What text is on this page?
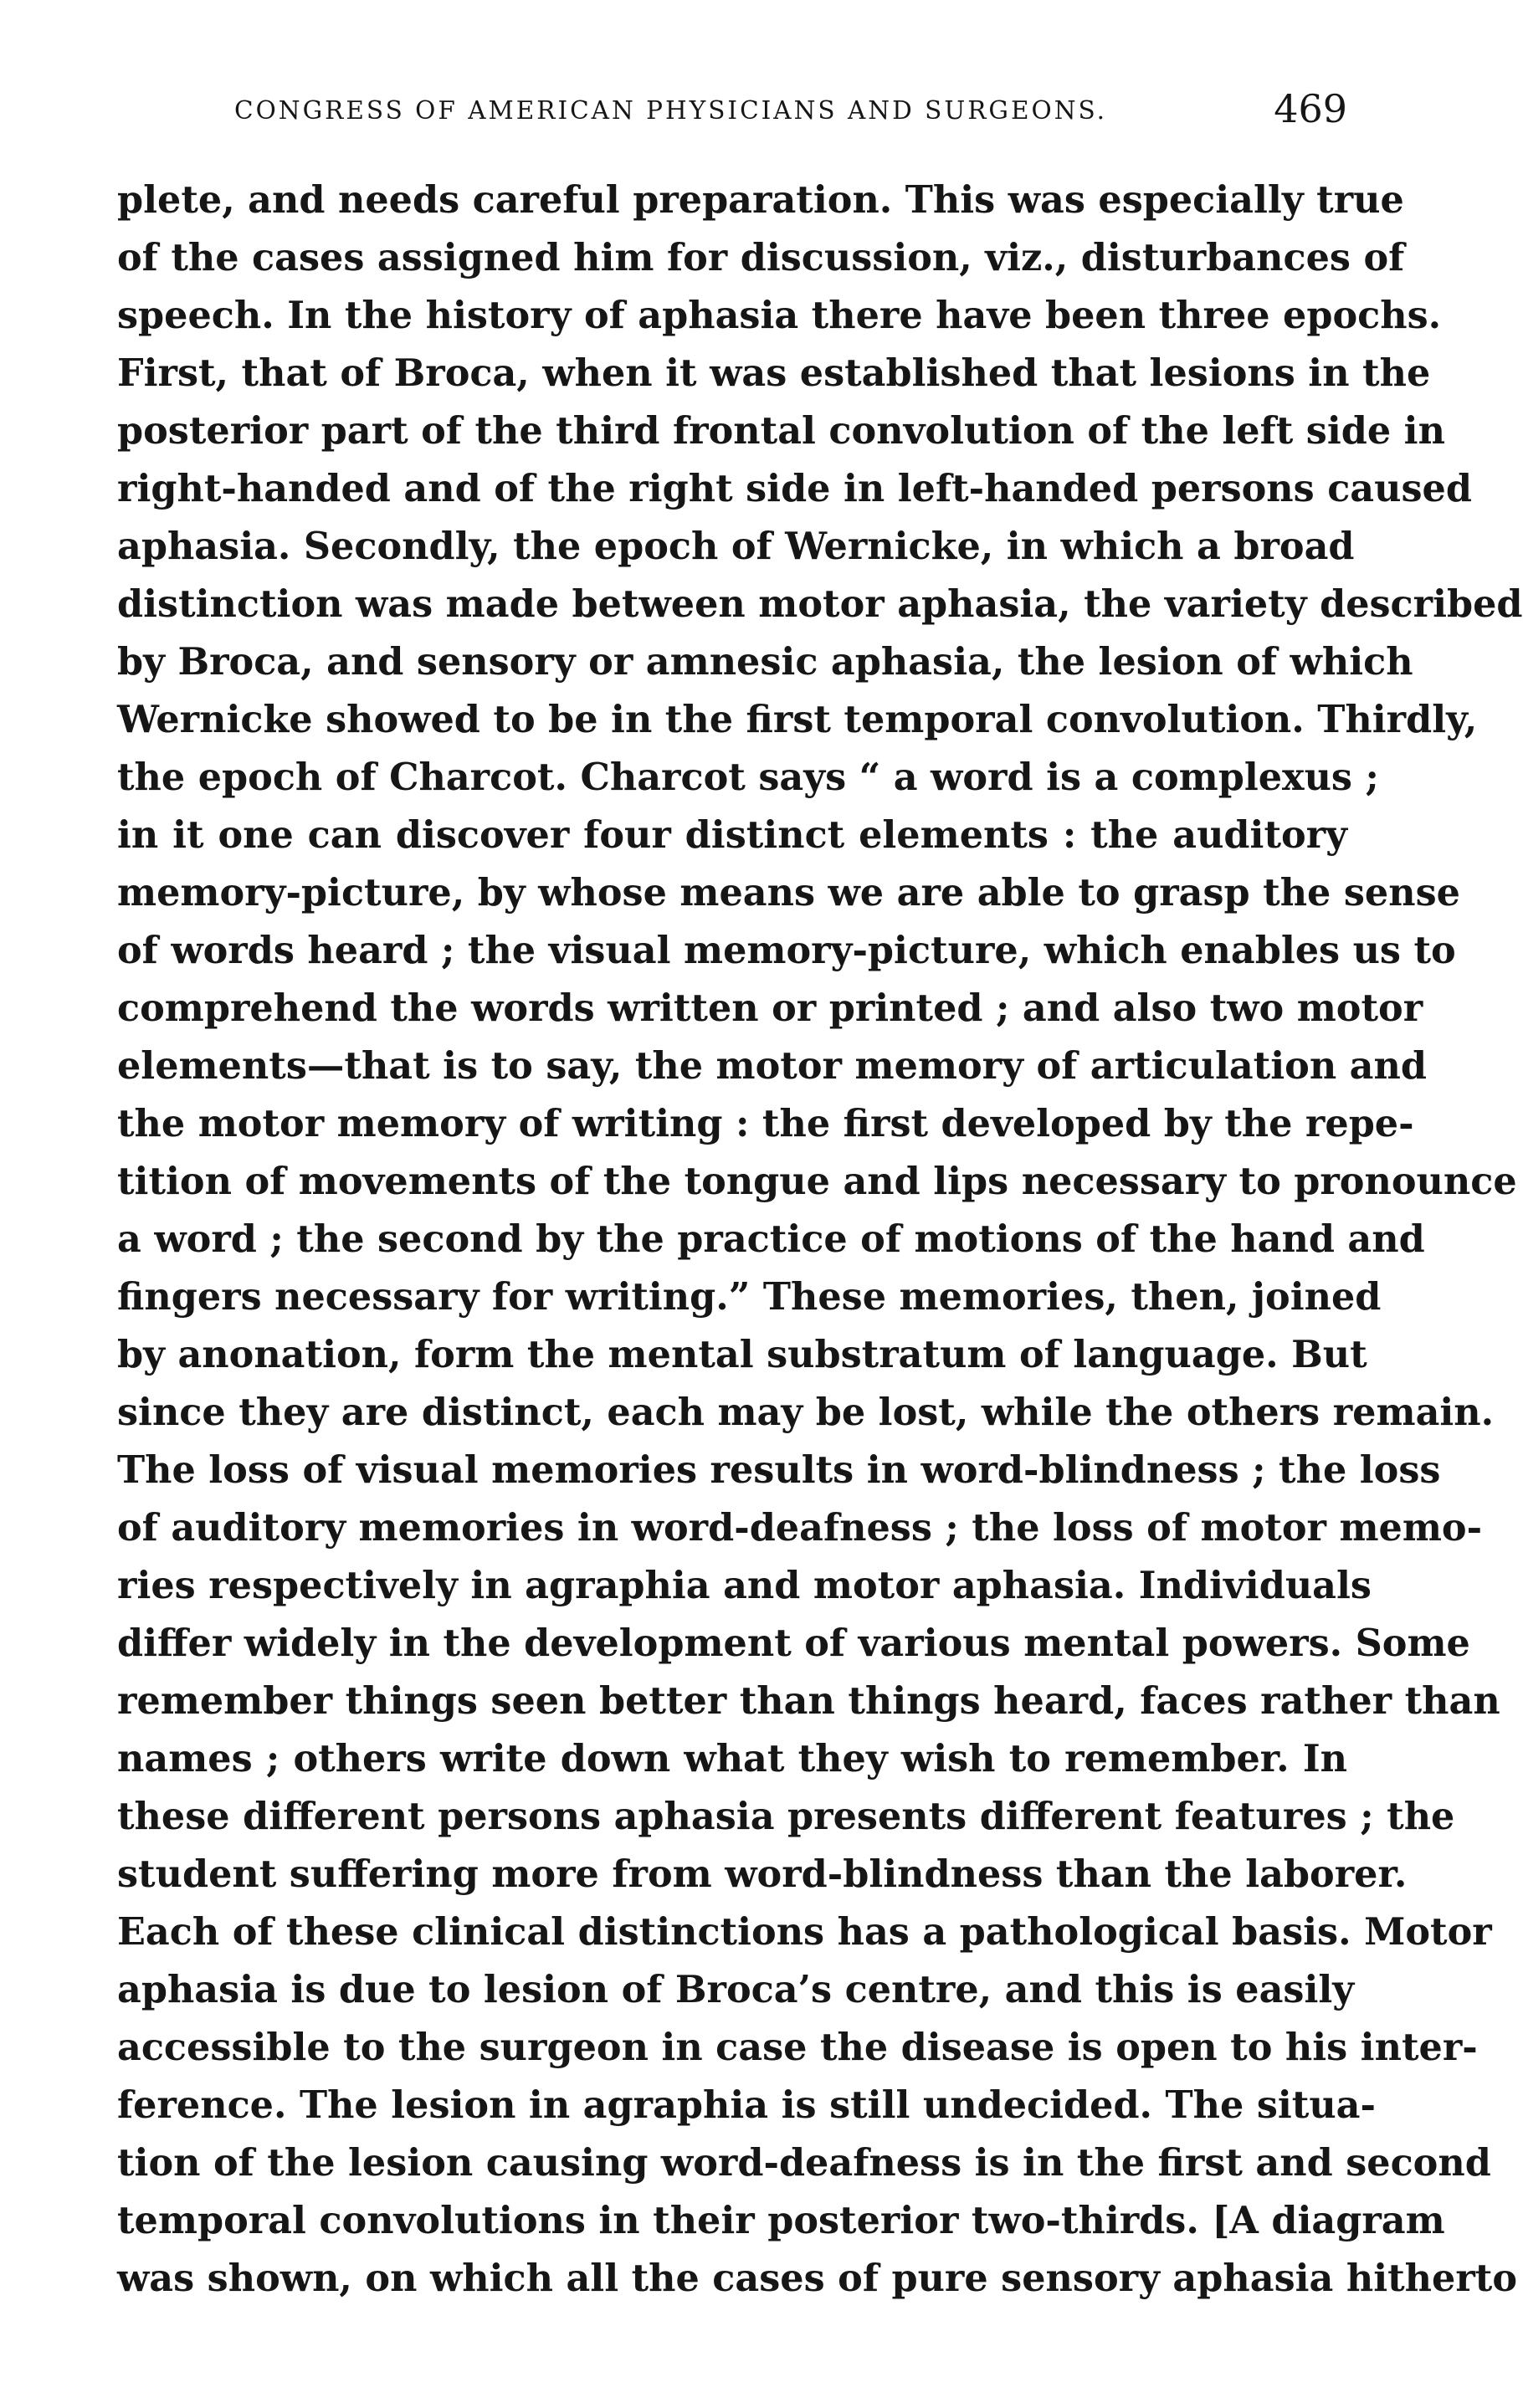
CONGRESS OF AMERICAN PHYSICIANS AND SURGEONS.	469
plete, and needs careful preparation. This was especially true
of the cases assigned him for discussion, viz., disturbances of
speech. In the history of aphasia there have been three epochs.
First, that of Broca, when it was established that lesions in the
posterior part of the third frontal convolution of the left side in
right-handed and of the right side in left-handed persons caused
aphasia. Secondly, the epoch of Wernicke, in which a broad
distinction was made between motor aphasia, the variety described
by Broca, and sensory or amnesic aphasia, the lesion of which
Wernicke showed to be in the first temporal convolution. Thirdly,
the epoch of Charcot. Charcot says “ a word is a complexus ;
in it one can discover four distinct elements : the auditory
memory-picture, by whose means we are able to grasp the sense
of words heard ; the visual memory-picture, which enables us to
comprehend the words written or printed ; and also two motor
elements—that is to say, the motor memory of articulation and
the motor memory of writing : the first developed by the repe-
tition of movements of the tongue and lips necessary to pronounce
a word ; the second by the practice of motions of the hand and
fingers necessary for writing.” These memories, then, joined
by anonation, form the mental substratum of language. But
since they are distinct, each may be lost, while the others remain.
The loss of visual memories results in word-blindness ; the loss
of auditory memories in word-deafness ; the loss of motor memo-
ries respectively in agraphia and motor aphasia. Individuals
differ widely in the development of various mental powers. Some
remember things seen better than things heard, faces rather than
names ; others write down what they wish to remember. In
these different persons aphasia presents different features ; the
student suffering more from word-blindness than the laborer.
Each of these clinical distinctions has a pathological basis. Motor
aphasia is due to lesion of Broca’s centre, and this is easily
accessible to the surgeon in case the disease is open to his inter-
ference. The lesion in agraphia is still undecided. The situa-
tion of the lesion causing word-deafness is in the first and second
temporal convolutions in their posterior two-thirds. [A diagram
was shown, on which all the cases of pure sensory aphasia hitherto
